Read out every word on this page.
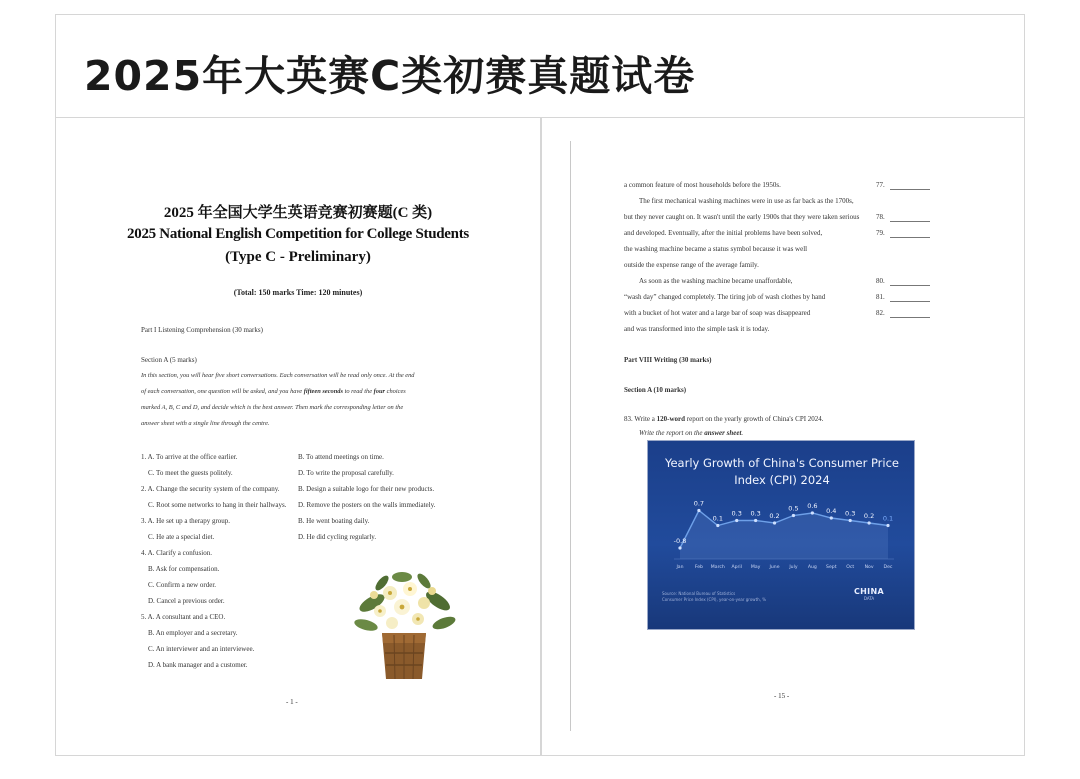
2025年大英赛C类初赛真题试卷
2025 年全国大学生英语竞赛初赛题(C 类)
2025 National English Competition for College Students
(Type C - Preliminary)
(Total: 150 marks Time: 120 minutes)
Part I Listening Comprehension (30 marks)
Section A (5 marks)
In this section, you will hear five short conversations. Each conversation will be read only once. At the end
of each conversation, one question will be asked, and you have fifteen seconds to read the four choices
marked A, B, C and D, and decide which is the best answer. Then mark the corresponding letter on the
answer sheet with a single line through the centre.
1. A. To arrive at the office earlier.	B. To attend meetings on time.
C. To meet the guests politely.	D. To write the proposal carefully.
2. A. Change the security system of the company.	B. Design a suitable logo for their new products.
C. Root some networks to hang in their hallways. D. Remove the posters on the walls immediately.
3. A. He set up a therapy group.	B. He went boating daily.
C. He ate a special diet.	D. He did cycling regularly.
4. A. Clarify a confusion.
B. Ask for compensation.
C. Confirm a new order.
D. Cancel a previous order.
5. A. A consultant and a CEO.
B. An employer and a secretary.
C. An interviewer and an interviewee.
D. A bank manager and a customer.
- 1 -
a common feature of most households before the 1950s.	77.
The first mechanical washing machines were in use as far back as the 1700s,
but they never caught on. It wasn't until the early 1900s that they were taken serious 78.
and developed. Eventually, after the initial problems have been solved,	79.
the washing machine became a status symbol because it was well
outside the expense range of the average family.
As soon as the washing machine became unaffordable,	80.
“wash day” changed completely. The tiring job of wash clothes by hand	81.
with a bucket of hot water and a large bar of soap was disappeared	82.
and was transformed into the simple task it is today.
Part VIII Writing (30 marks)
Section A (10 marks)
83. Write a 120-word report on the yearly growth of China's CPI 2024.
Write the report on the answer sheet.
Yearly Growth of China's Consumer Price Index (CPI) 2024
-0.8
Jan
0.7
Feb
0.1
March
0.3
April
0.3
May
0.2
June
0.5
July
0.6
Aug
0.4
Sept
0.3
Oct
0.2
Nov
0.1
Dec
Source: National Bureau of Statistics
Consumer Price Index (CPI), year-on-year growth, %
CHINA
DATA
- 15 -
